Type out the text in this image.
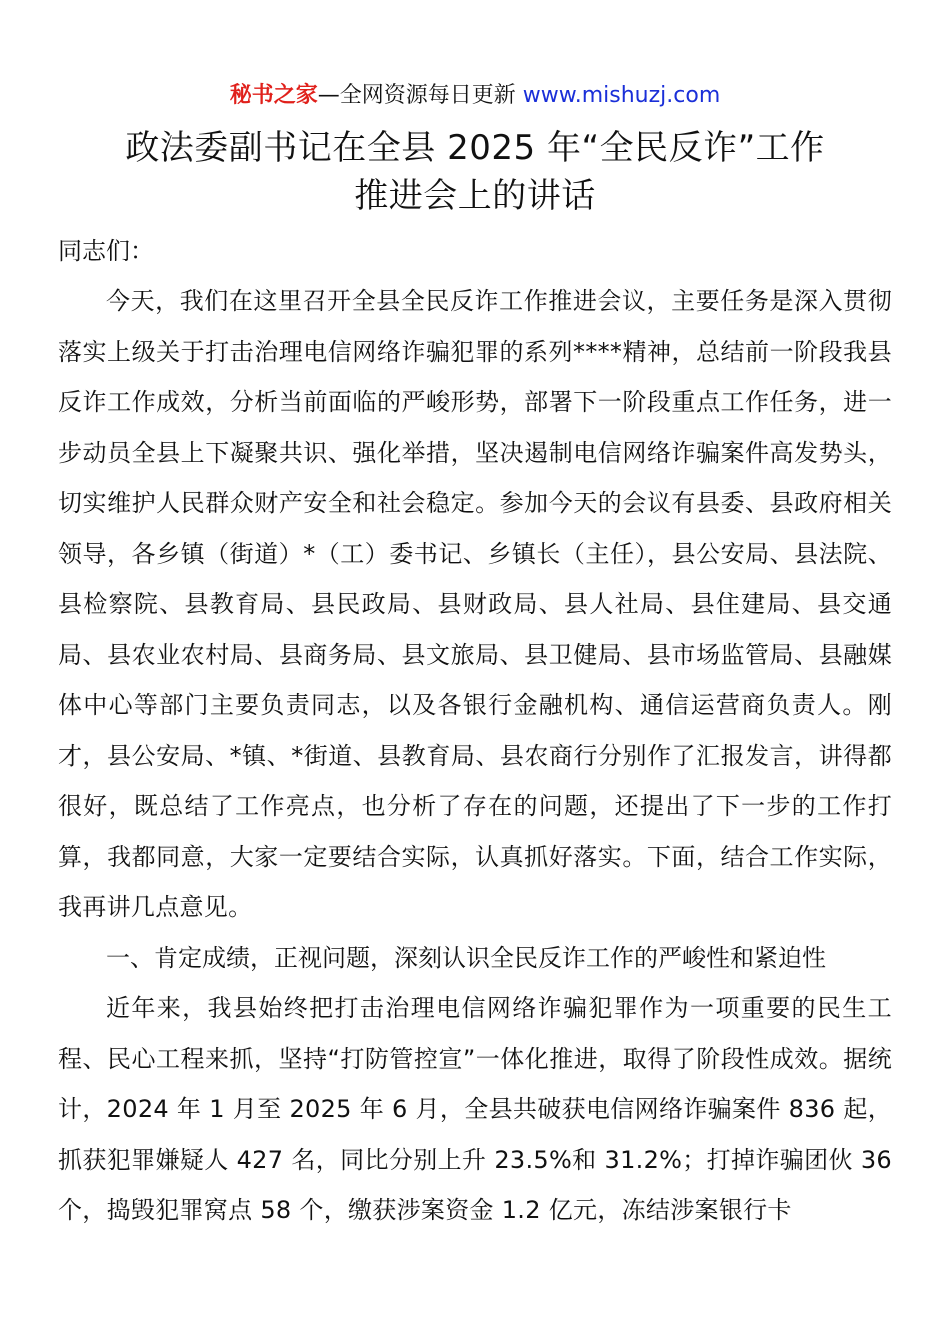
秘书之家—全网资源每日更新 www.mishuzj.com
政法委副书记在全县 2025 年“全民反诈”工作
推进会上的讲话
同志们：

今天，我们在这里召开全县全民反诈工作推进会议，主要任务是深入贯彻落实上级关于打击治理电信网络诈骗犯罪的系列****精神，总结前一阶段我县反诈工作成效，分析当前面临的严峻形势，部署下一阶段重点工作任务，进一步动员全县上下凝聚共识、强化举措，坚决遏制电信网络诈骗案件高发势头，切实维护人民群众财产安全和社会稳定。参加今天的会议有县委、县政府相关领导，各乡镇（街道）*（工）委书记、乡镇长（主任），县公安局、县法院、县检察院、县教育局、县民政局、县财政局、县人社局、县住建局、县交通局、县农业农村局、县商务局、县文旅局、县卫健局、县市场监管局、县融媒体中心等部门主要负责同志，以及各银行金融机构、通信运营商负责人。刚才，县公安局、*镇、*街道、县教育局、县农商行分别作了汇报发言，讲得都很好，既总结了工作亮点，也分析了存在的问题，还提出了下一步的工作打算，我都同意，大家一定要结合实际，认真抓好落实。下面，结合工作实际，我再讲几点意见。

一、肯定成绩，正视问题，深刻认识全民反诈工作的严峻性和紧迫性

近年来，我县始终把打击治理电信网络诈骗犯罪作为一项重要的民生工程、民心工程来抓，坚持“打防管控宣”一体化推进，取得了阶段性成效。据统计，2024 年 1 月至 2025 年 6 月，全县共破获电信网络诈骗案件 836 起，抓获犯罪嫌疑人 427 名，同比分别上升 23.5%和 31.2%；打掉诈骗团伙 36 个，捣毁犯罪窝点 58 个，缴获涉案资金 1.2 亿元，冻结涉案银行卡
